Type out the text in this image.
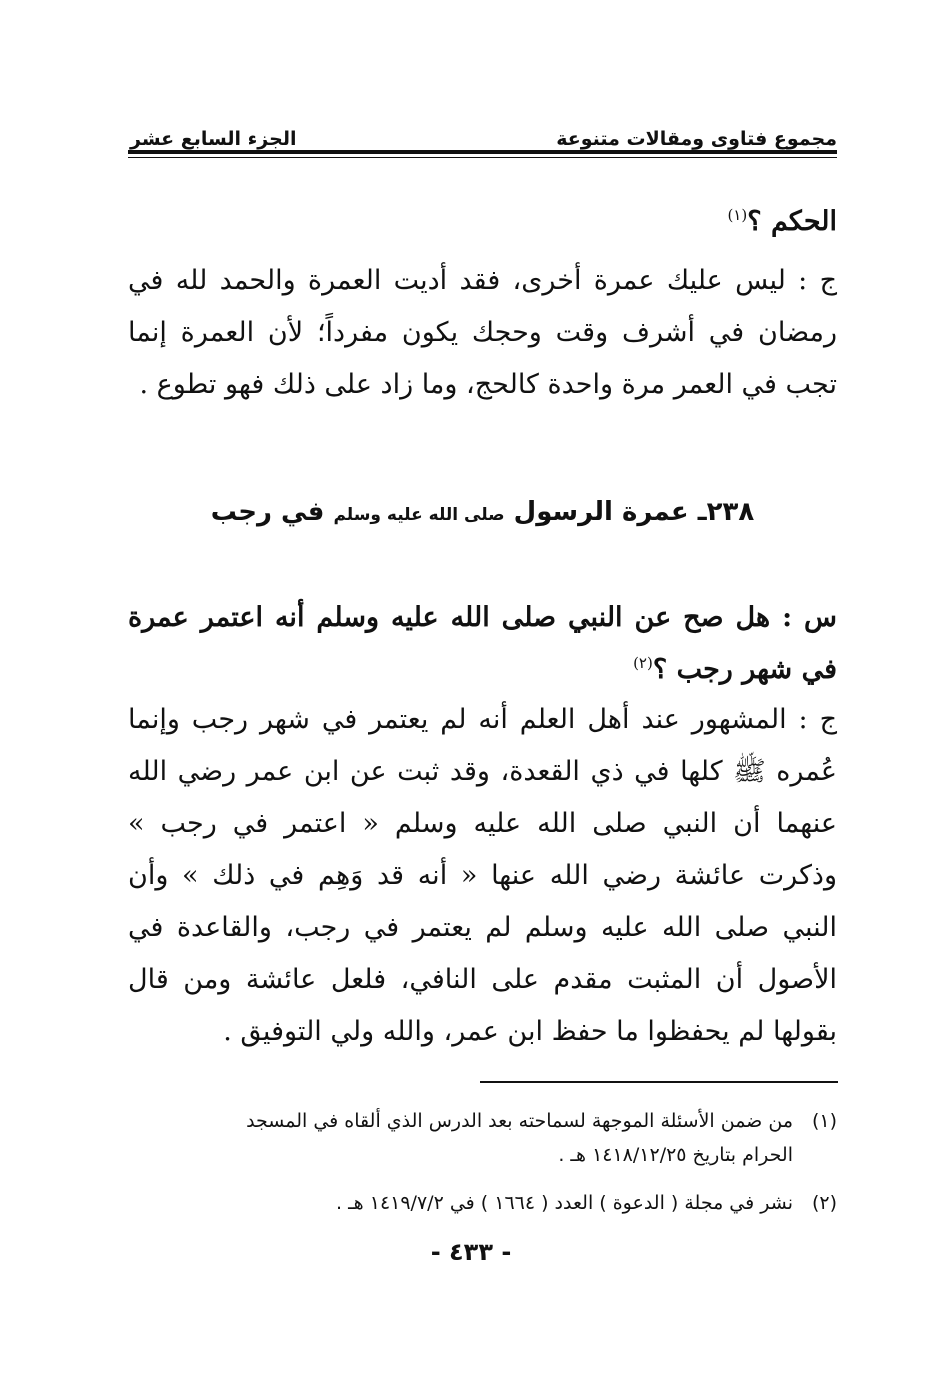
مجموع فتاوى ومقالات متنوعة
الجزء السابع عشر

الحكم ؟$^{(١)}$

ج : ليس عليك عمرة أخرى، فقد أديت العمرة والحمد لله في رمضان في أشرف وقت وحجك يكون مفرداً؛ لأن العمرة إنما تجب في العمر مرة واحدة كالحج، وما زاد على ذلك فهو تطوع .

٢٣٨ـ عمرة الرسول صلى الله عليه وسلم في رجب

س : هل صح عن النبي صلى الله عليه وسلم أنه اعتمر عمرة في شهر رجب ؟$^{(٢)}$

ج : المشهور عند أهل العلم أنه لم يعتمر في شهر رجب وإنما عُمره ﷺ كلها في ذي القعدة، وقد ثبت عن ابن عمر رضي الله عنهما أن النبي صلى الله عليه وسلم « اعتمر في رجب » وذكرت عائشة رضي الله عنها « أنه قد وَهِم في ذلك » وأن النبي صلى الله عليه وسلم لم يعتمر في رجب، والقاعدة في الأصول أن المثبت مقدم على النافي، فلعل عائشة ومن قال بقولها لم يحفظوا ما حفظ ابن عمر، والله ولي التوفيق .

(١)من ضمن الأسئلة الموجهة لسماحته بعد الدرس الذي ألقاه في المسجد
الحرام بتاريخ ١٤١٨/١٢/٢٥ هـ .
(٢)نشر في مجلة ( الدعوة ) العدد ( ١٦٦٤ ) في ١٤١٩/٧/٢ هـ .
- ٤٣٣ -
